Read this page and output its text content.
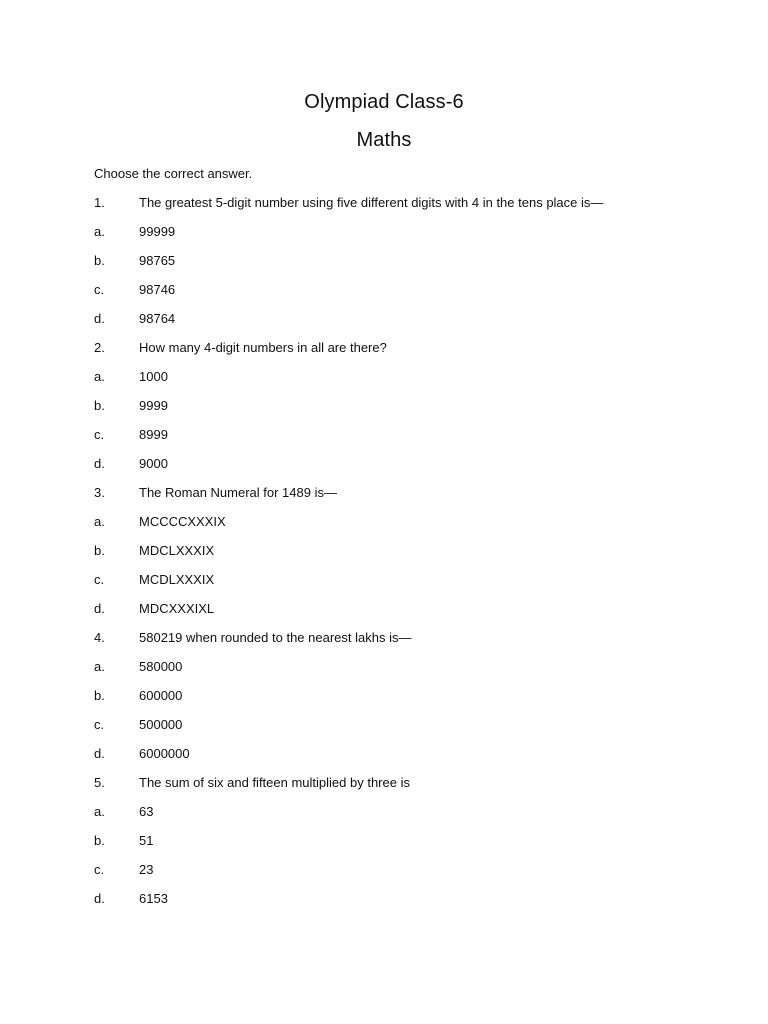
Olympiad Class-6
Maths
Choose the correct answer.
1.	The greatest 5-digit number using five different digits with 4 in the tens place is—
a.	99999
b.	98765
c.	98746
d.	98764
2.	How many 4-digit numbers in all are there?
a.	1000
b.	9999
c.	8999
d.	9000
3.	The Roman Numeral for 1489 is—
a.	MCCCCXXXIX
b.	MDCLXXXIX
c.	MCDLXXXIX
d.	MDCXXXIXL
4.	580219 when rounded to the nearest lakhs is—
a.	580000
b.	600000
c.	500000
d.	6000000
5.	The sum of six and fifteen multiplied by three is
a.	63
b.	51
c.	23
d.	6153
